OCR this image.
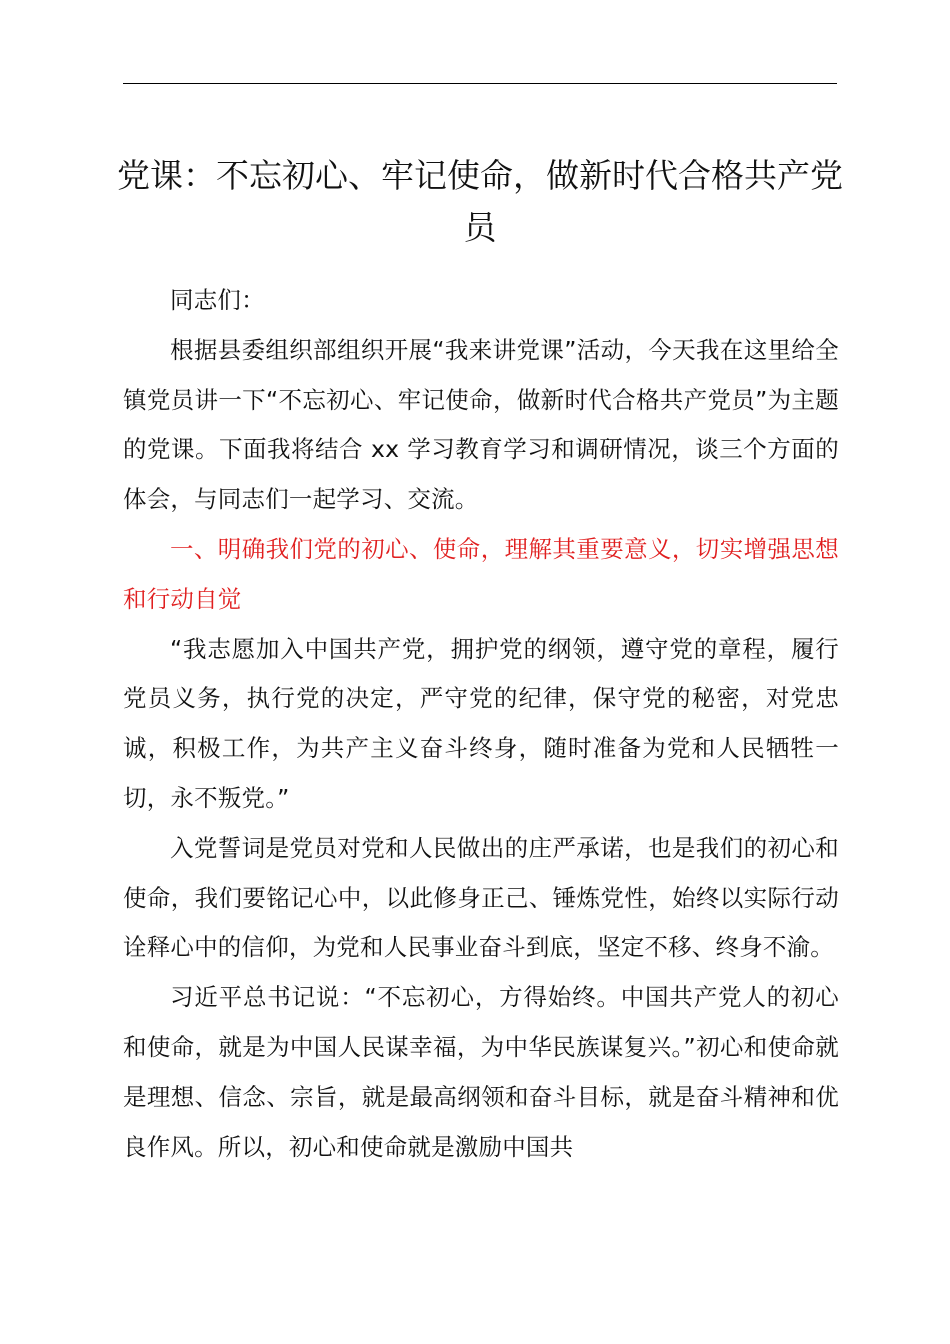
党课：不忘初心、牢记使命，做新时代合格共产党员

同志们：

根据县委组织部组织开展“我来讲党课”活动，今天我在这里给全镇党员讲一下“不忘初心、牢记使命，做新时代合格共产党员”为主题的党课。下面我将结合 xx 学习教育学习和调研情况，谈三个方面的体会，与同志们一起学习、交流。

一、明确我们党的初心、使命，理解其重要意义，切实增强思想和行动自觉

“我志愿加入中国共产党，拥护党的纲领，遵守党的章程，履行党员义务，执行党的决定，严守党的纪律，保守党的秘密，对党忠诚，积极工作，为共产主义奋斗终身，随时准备为党和人民牺牲一切，永不叛党。”

入党誓词是党员对党和人民做出的庄严承诺，也是我们的初心和使命，我们要铭记心中，以此修身正己、锤炼党性，始终以实际行动诠释心中的信仰，为党和人民事业奋斗到底，坚定不移、终身不渝。

习近平总书记说：“不忘初心，方得始终。中国共产党人的初心和使命，就是为中国人民谋幸福，为中华民族谋复兴。”初心和使命就是理想、信念、宗旨，就是最高纲领和奋斗目标，就是奋斗精神和优良作风。所以，初心和使命就是激励中国共
